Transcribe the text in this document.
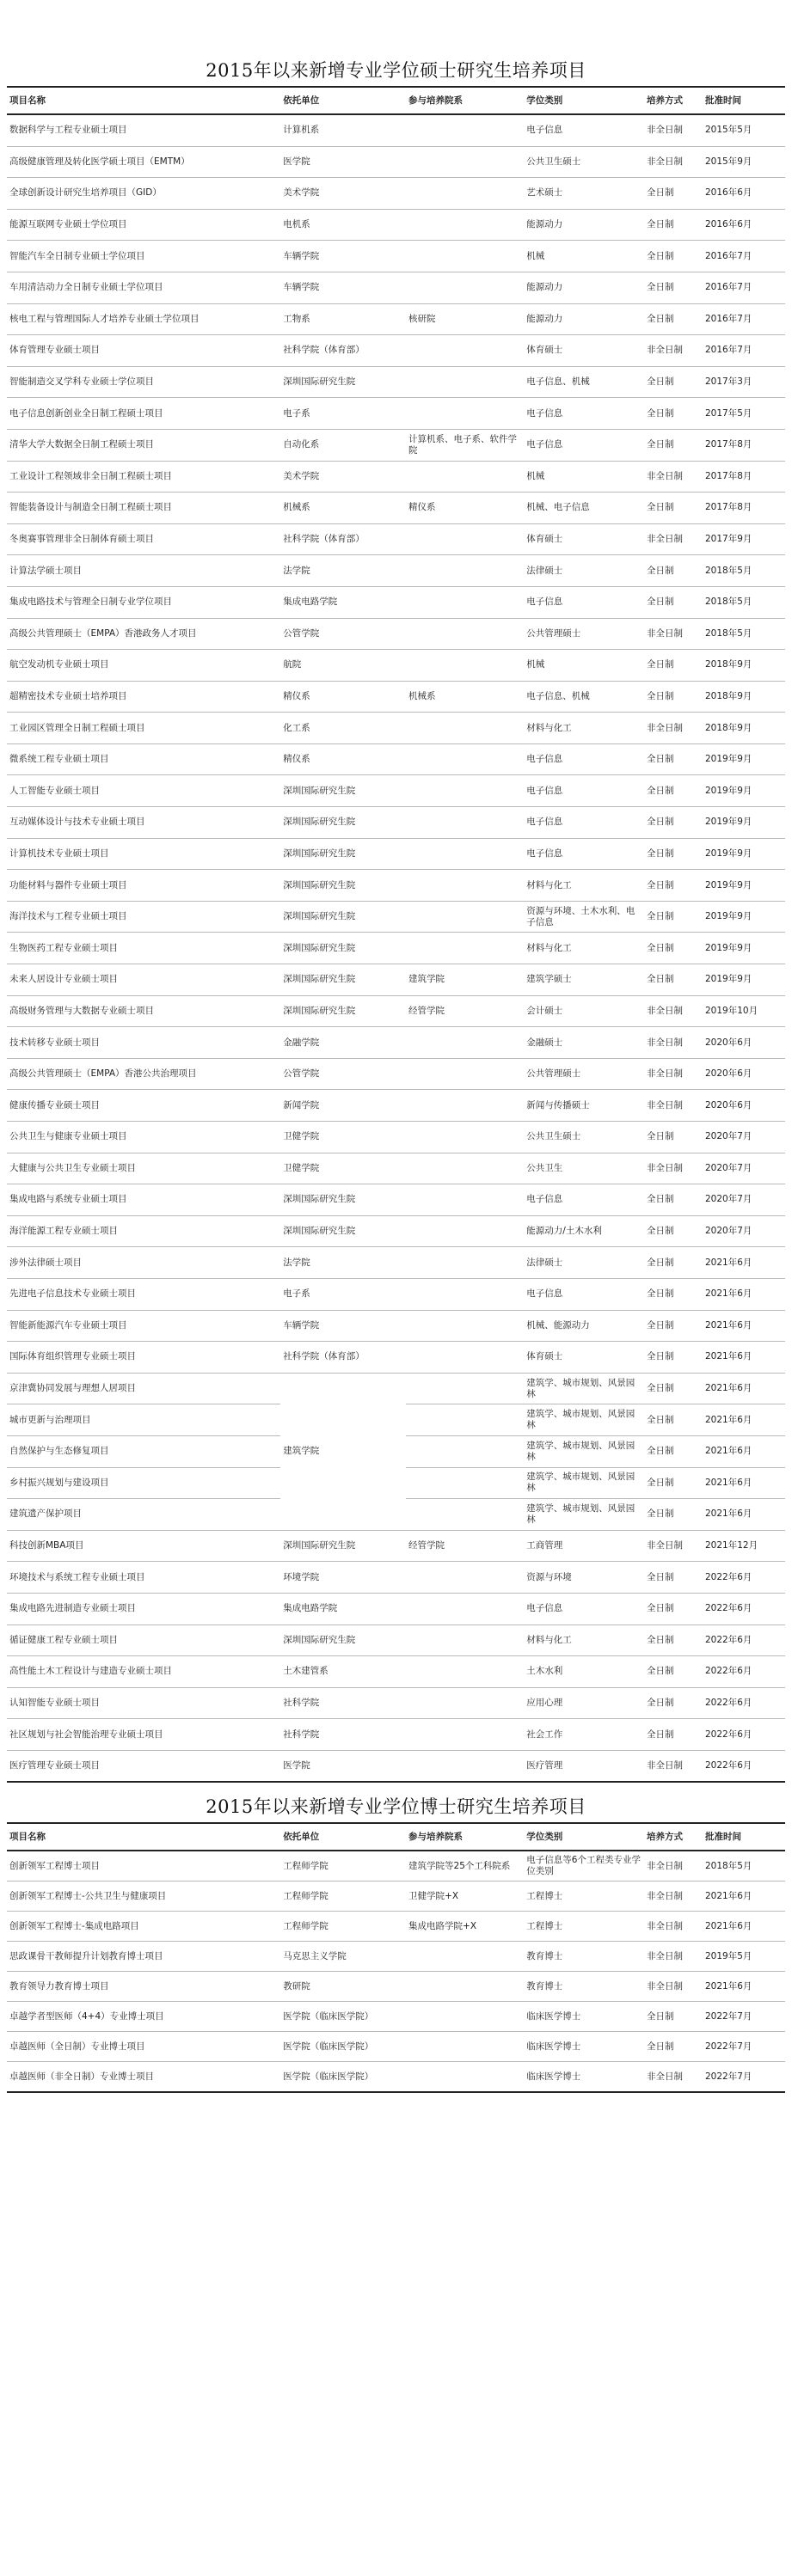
2015年以来新增专业学位硕士研究生培养项目
项目名称	依托单位	参与培养院系	学位类别	培养方式	批准时间
数据科学与工程专业硕士项目	计算机系		电子信息	非全日制	2015年5月
高级健康管理及转化医学硕士项目（EMTM）	医学院		公共卫生硕士	非全日制	2015年9月
全球创新设计研究生培养项目（GID）	美术学院		艺术硕士	全日制	2016年6月
能源互联网专业硕士学位项目	电机系		能源动力	全日制	2016年6月
智能汽车全日制专业硕士学位项目	车辆学院		机械	全日制	2016年7月
车用清洁动力全日制专业硕士学位项目	车辆学院		能源动力	全日制	2016年7月
核电工程与管理国际人才培养专业硕士学位项目	工物系	核研院	能源动力	全日制	2016年7月
体育管理专业硕士项目	社科学院（体育部）		体育硕士	非全日制	2016年7月
智能制造交叉学科专业硕士学位项目	深圳国际研究生院		电子信息、机械	全日制	2017年3月
电子信息创新创业全日制工程硕士项目	电子系		电子信息	全日制	2017年5月
清华大学大数据全日制工程硕士项目	自动化系	计算机系、电子系、软件学院	电子信息	全日制	2017年8月
工业设计工程领域非全日制工程硕士项目	美术学院		机械	非全日制	2017年8月
智能装备设计与制造全日制工程硕士项目	机械系	精仪系	机械、电子信息	全日制	2017年8月
冬奥赛事管理非全日制体育硕士项目	社科学院（体育部）		体育硕士	非全日制	2017年9月
计算法学硕士项目	法学院		法律硕士	全日制	2018年5月
集成电路技术与管理全日制专业学位项目	集成电路学院		电子信息	全日制	2018年5月
高级公共管理硕士（EMPA）香港政务人才项目	公管学院		公共管理硕士	非全日制	2018年5月
航空发动机专业硕士项目	航院		机械	全日制	2018年9月
超精密技术专业硕士培养项目	精仪系	机械系	电子信息、机械	全日制	2018年9月
工业园区管理全日制工程硕士项目	化工系		材料与化工	非全日制	2018年9月
微系统工程专业硕士项目	精仪系		电子信息	全日制	2019年9月
人工智能专业硕士项目	深圳国际研究生院		电子信息	全日制	2019年9月
互动媒体设计与技术专业硕士项目	深圳国际研究生院		电子信息	全日制	2019年9月
计算机技术专业硕士项目	深圳国际研究生院		电子信息	全日制	2019年9月
功能材料与器件专业硕士项目	深圳国际研究生院		材料与化工	全日制	2019年9月
海洋技术与工程专业硕士项目	深圳国际研究生院		资源与环境、土木水利、电子信息	全日制	2019年9月
生物医药工程专业硕士项目	深圳国际研究生院		材料与化工	全日制	2019年9月
未来人居设计专业硕士项目	深圳国际研究生院	建筑学院	建筑学硕士	全日制	2019年9月
高级财务管理与大数据专业硕士项目	深圳国际研究生院	经管学院	会计硕士	非全日制	2019年10月
技术转移专业硕士项目	金融学院		金融硕士	非全日制	2020年6月
高级公共管理硕士（EMPA）香港公共治理项目	公管学院		公共管理硕士	非全日制	2020年6月
健康传播专业硕士项目	新闻学院		新闻与传播硕士	非全日制	2020年6月
公共卫生与健康专业硕士项目	卫健学院		公共卫生硕士	全日制	2020年7月
大健康与公共卫生专业硕士项目	卫健学院		公共卫生	非全日制	2020年7月
集成电路与系统专业硕士项目	深圳国际研究生院		电子信息	全日制	2020年7月
海洋能源工程专业硕士项目	深圳国际研究生院		能源动力/土木水利	全日制	2020年7月
涉外法律硕士项目	法学院		法律硕士	全日制	2021年6月
先进电子信息技术专业硕士项目	电子系		电子信息	全日制	2021年6月
智能新能源汽车专业硕士项目	车辆学院		机械、能源动力	全日制	2021年6月
国际体育组织管理专业硕士项目	社科学院（体育部）		体育硕士	全日制	2021年6月
京津冀协同发展与理想人居项目	建筑学院		建筑学、城市规划、风景园林	全日制	2021年6月
城市更新与治理项目			建筑学、城市规划、风景园林	全日制	2021年6月
自然保护与生态修复项目			建筑学、城市规划、风景园林	全日制	2021年6月
乡村振兴规划与建设项目			建筑学、城市规划、风景园林	全日制	2021年6月
建筑遗产保护项目			建筑学、城市规划、风景园林	全日制	2021年6月
科技创新MBA项目	深圳国际研究生院	经管学院	工商管理	非全日制	2021年12月
环境技术与系统工程专业硕士项目	环境学院		资源与环境	全日制	2022年6月
集成电路先进制造专业硕士项目	集成电路学院		电子信息	全日制	2022年6月
循证健康工程专业硕士项目	深圳国际研究生院		材料与化工	全日制	2022年6月
高性能土木工程设计与建造专业硕士项目	土木建管系		土木水利	全日制	2022年6月
认知智能专业硕士项目	社科学院		应用心理	全日制	2022年6月
社区规划与社会智能治理专业硕士项目	社科学院		社会工作	全日制	2022年6月
医疗管理专业硕士项目	医学院		医疗管理	非全日制	2022年6月
2015年以来新增专业学位博士研究生培养项目
项目名称	依托单位	参与培养院系	学位类别	培养方式	批准时间
创新领军工程博士项目	工程师学院	建筑学院等25个工科院系	电子信息等6个工程类专业学位类别	非全日制	2018年5月
创新领军工程博士-公共卫生与健康项目	工程师学院	卫健学院+X	工程博士	非全日制	2021年6月
创新领军工程博士-集成电路项目	工程师学院	集成电路学院+X	工程博士	非全日制	2021年6月
思政课骨干教师提升计划教育博士项目	马克思主义学院		教育博士	非全日制	2019年5月
教育领导力教育博士项目	教研院		教育博士	非全日制	2021年6月
卓越学者型医师（4+4）专业博士项目	医学院（临床医学院）		临床医学博士	全日制	2022年7月
卓越医师（全日制）专业博士项目	医学院（临床医学院）		临床医学博士	全日制	2022年7月
卓越医师（非全日制）专业博士项目	医学院（临床医学院）		临床医学博士	非全日制	2022年7月
